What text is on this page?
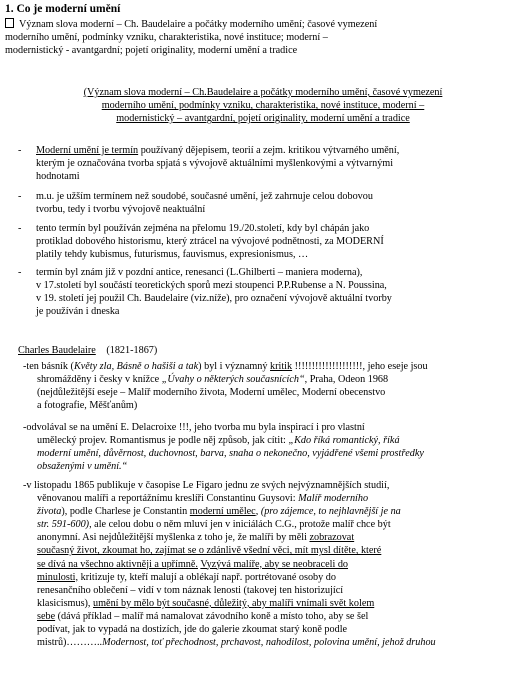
1. Co je moderní umění
Význam slova moderní – Ch. Baudelaire a počátky moderního umění; časové vymezení
moderního umění, podmínky vzniku, charakteristika, nové instituce; moderní –
modernistický - avantgardní; pojetí originality, moderní umění a tradice
(Význam slova moderní – Ch.Baudelaire a počátky moderního umění, časové vymezení
moderního umění, podmínky vzniku, charakteristika, nové instituce, moderní –
modernistický – avantgardní, pojetí originality, moderní umění a tradice
- Moderní umění je termín používaný dějepisem, teorií a zejm. kritikou výtvarného umění,
kterým je označována tvorba spjatá s vývojově aktuálními myšlenkovými a výtvarnými
hodnotami
- m.u. je užším termínem než soudobé, současné umění, jež zahrnuje celou dobovou
tvorbu, tedy i tvorbu vývojově neaktuální
- tento termín byl používán zejména na přelomu 19./20.století, kdy byl chápán jako
protiklad dobového historismu, který ztrácel na vývojové podnětnosti, za MODERNÍ
platily tehdy kubismus, futurismus, fauvismus, expresionismus, …
- termín byl znám již v pozdní antice, renesanci (L.Ghilberti – maniera moderna),
v 17.století byl součástí teoretických sporů mezi stoupenci P.P.Rubense a N. Poussina,
v 19. století jej použil Ch. Baudelaire (viz.níže), pro označení vývojově aktuální tvorby
je používán i dneska
Charles Baudelaire (1821-1867)
-ten básník (Květy zla, Básně o hašiši a tak) byl i významný kritik !!!!!!!!!!!!!!!!!!!!, jeho eseje jsou
shromážděny i česky v knížce „Úvahy o některých současnících“, Praha, Odeon 1968
(nejdůležitější eseje – Malíř moderního života, Moderní umělec, Moderní obecenstvo
a fotografie, Měšťanům)
-odvolával se na umění E. Delacroixe !!!, jeho tvorba mu byla inspirací i pro vlastní
umělecký projev. Romantismus je podle něj způsob, jak cítit: „Kdo říká romantický, říká
moderní umění, důvěrnost, duchovnost, barva, snaha o nekonečno, vyjádřené všemi prostředky
obsaženými v umění.“
-v listopadu 1865 publikuje v časopise Le Figaro jednu ze svých nejvýznamnějších studií,
věnovanou malíři a reportážnímu kreslíři Constantinu Guysovi: Malíř moderního
života), podle Charlese je Constantin moderní umělec, (pro zájemce, to nejhlavnější je na
str. 591-600), ale celou dobu o něm mluví jen v iniciálách C.G., protože malíř chce být
anonymní. Asi nejdůležitější myšlenka z toho je, že malíři by měli zobrazovat
současný život, zkoumat ho, zajímat se o zdánlivě všední věci, mít mysl dítěte, které
se dívá na všechno aktivněji a upřímně. Vyzývá malíře, aby se neobraceli do
minulosti, kritizuje ty, kteří malují a oblékají např. portrétované osoby do
renesančního oblečení – vidí v tom náznak lenosti (takovej ten historizující
klasicismus), umění by mělo být současné, důležitý, aby malíři vnímali svět kolem
sebe (dává příklad – malíř má namalovat závodního koně a místo toho, aby se šel
podívat, jak to vypadá na dostizích, jde do galerie zkoumat starý koně podle
mistrů)………..Modernost, toť přechodnost, prchavost, nahodilost, polovina umění, jehož druhou
